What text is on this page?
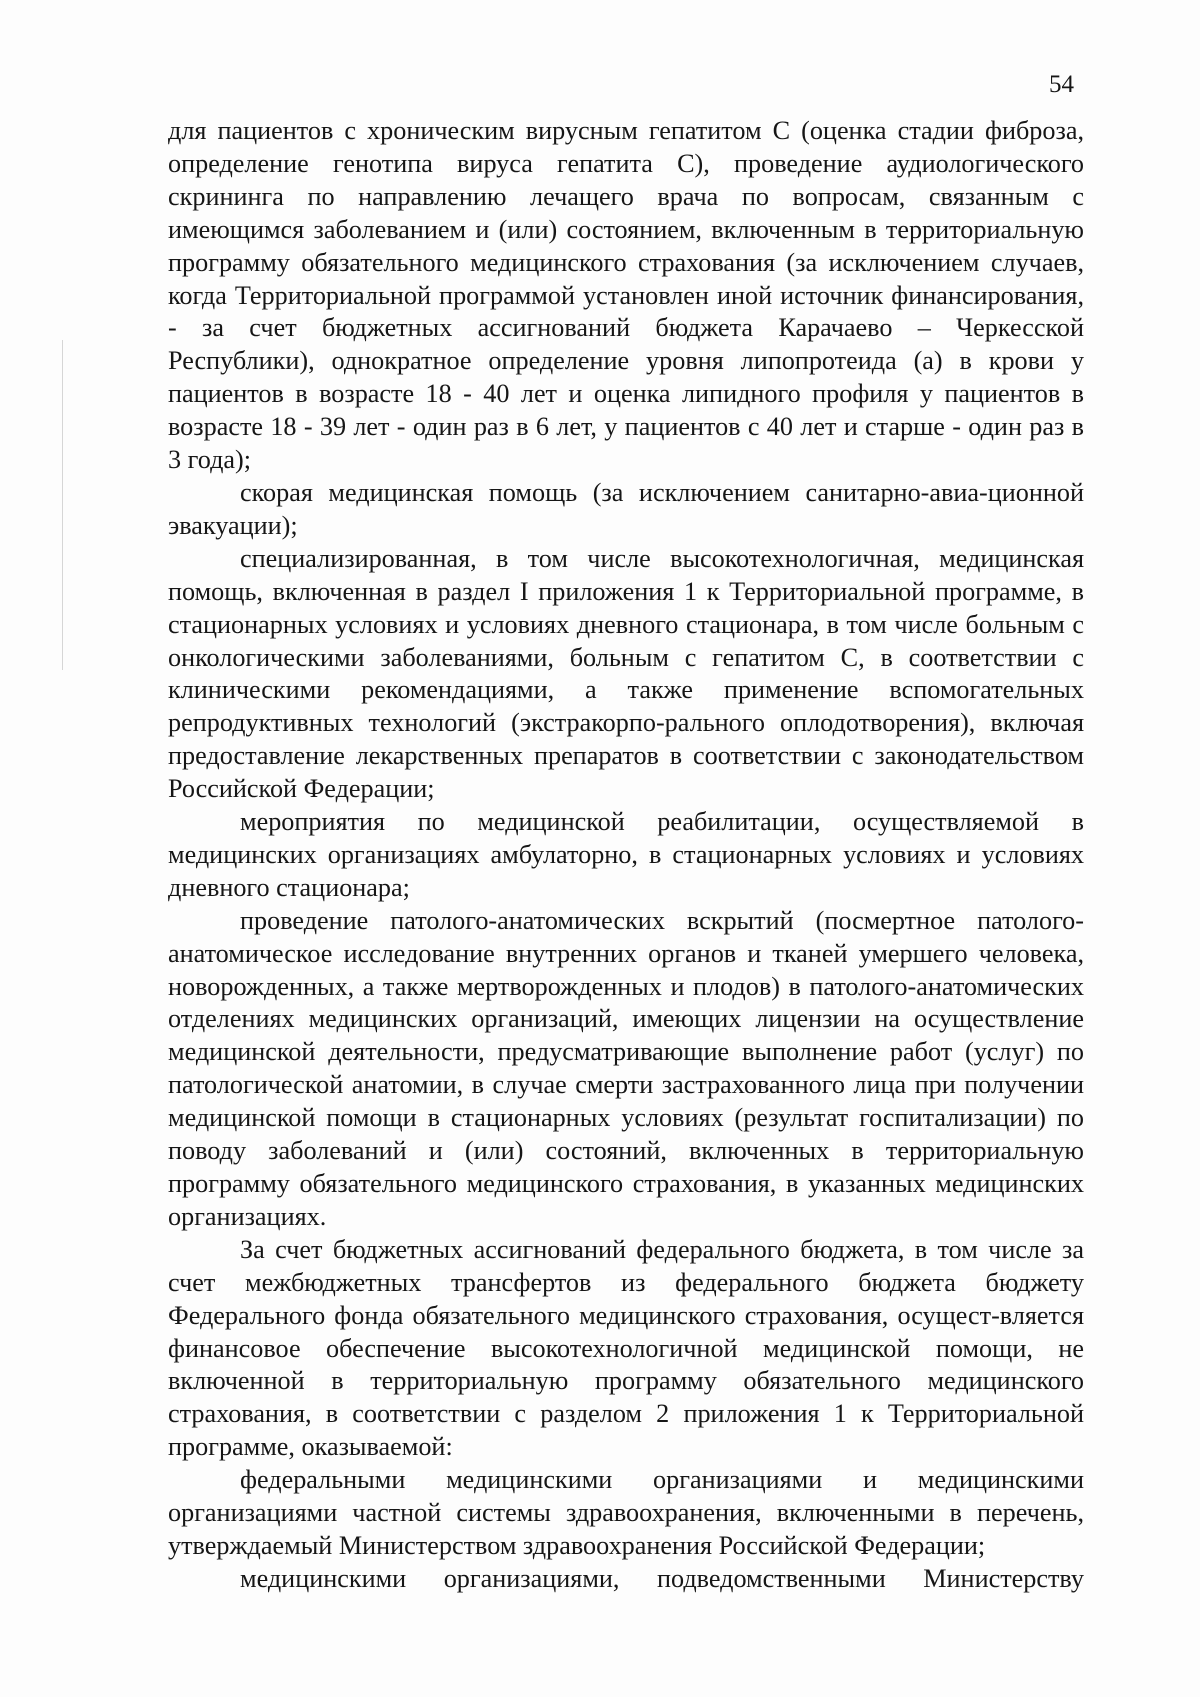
54

для пациентов с хроническим вирусным гепатитом С (оценка стадии фиброза, определение генотипа вируса гепатита С), проведение аудиологического скрининга по направлению лечащего врача по вопросам, связанным с имеющимся заболеванием и (или) состоянием, включенным в территориальную программу обязательного медицинского страхования (за исключением случаев, когда Территориальной программой установлен иной источник финансирования, - за счет бюджетных ассигнований бюджета Карачаево – Черкесской Республики), однократное определение уровня липопротеида (а) в крови у пациентов в возрасте 18 - 40 лет и оценка липидного профиля у пациентов в возрасте 18 - 39 лет - один раз в 6 лет, у пациентов с 40 лет и старше - один раз в 3 года);

скорая медицинская помощь (за исключением санитарно-авиа-ционной эвакуации);

специализированная, в том числе высокотехнологичная, медицинская помощь, включенная в раздел I приложения 1 к Территориальной программе, в стационарных условиях и условиях дневного стационара, в том числе больным с онкологическими заболеваниями, больным с гепатитом С, в соответствии с клиническими рекомендациями, а также применение вспомогательных репродуктивных технологий (экстракорпо-рального оплодотворения), включая предоставление лекарственных препаратов в соответствии с законодательством Российской Федерации;

мероприятия по медицинской реабилитации, осуществляемой в медицинских организациях амбулаторно, в стационарных условиях и условиях дневного стационара;

проведение патолого-анатомических вскрытий (посмертное патолого-анатомическое исследование внутренних органов и тканей умершего человека, новорожденных, а также мертворожденных и плодов) в патолого-анатомических отделениях медицинских организаций, имеющих лицензии на осуществление медицинской деятельности, предусматривающие выполнение работ (услуг) по патологической анатомии, в случае смерти застрахованного лица при получении медицинской помощи в стационарных условиях (результат госпитализации) по поводу заболеваний и (или) состояний, включенных в территориальную программу обязательного медицинского страхования, в указанных медицинских организациях.

За счет бюджетных ассигнований федерального бюджета, в том числе за счет межбюджетных трансфертов из федерального бюджета бюджету Федерального фонда обязательного медицинского страхования, осущест-вляется финансовое обеспечение высокотехнологичной медицинской помощи, не включенной в территориальную программу обязательного медицинского страхования, в соответствии с разделом 2 приложения 1 к Территориальной программе, оказываемой:

федеральными медицинскими организациями и медицинскими организациями частной системы здравоохранения, включенными в перечень, утверждаемый Министерством здравоохранения Российской Федерации;

медицинскими организациями, подведомственными Министерству
